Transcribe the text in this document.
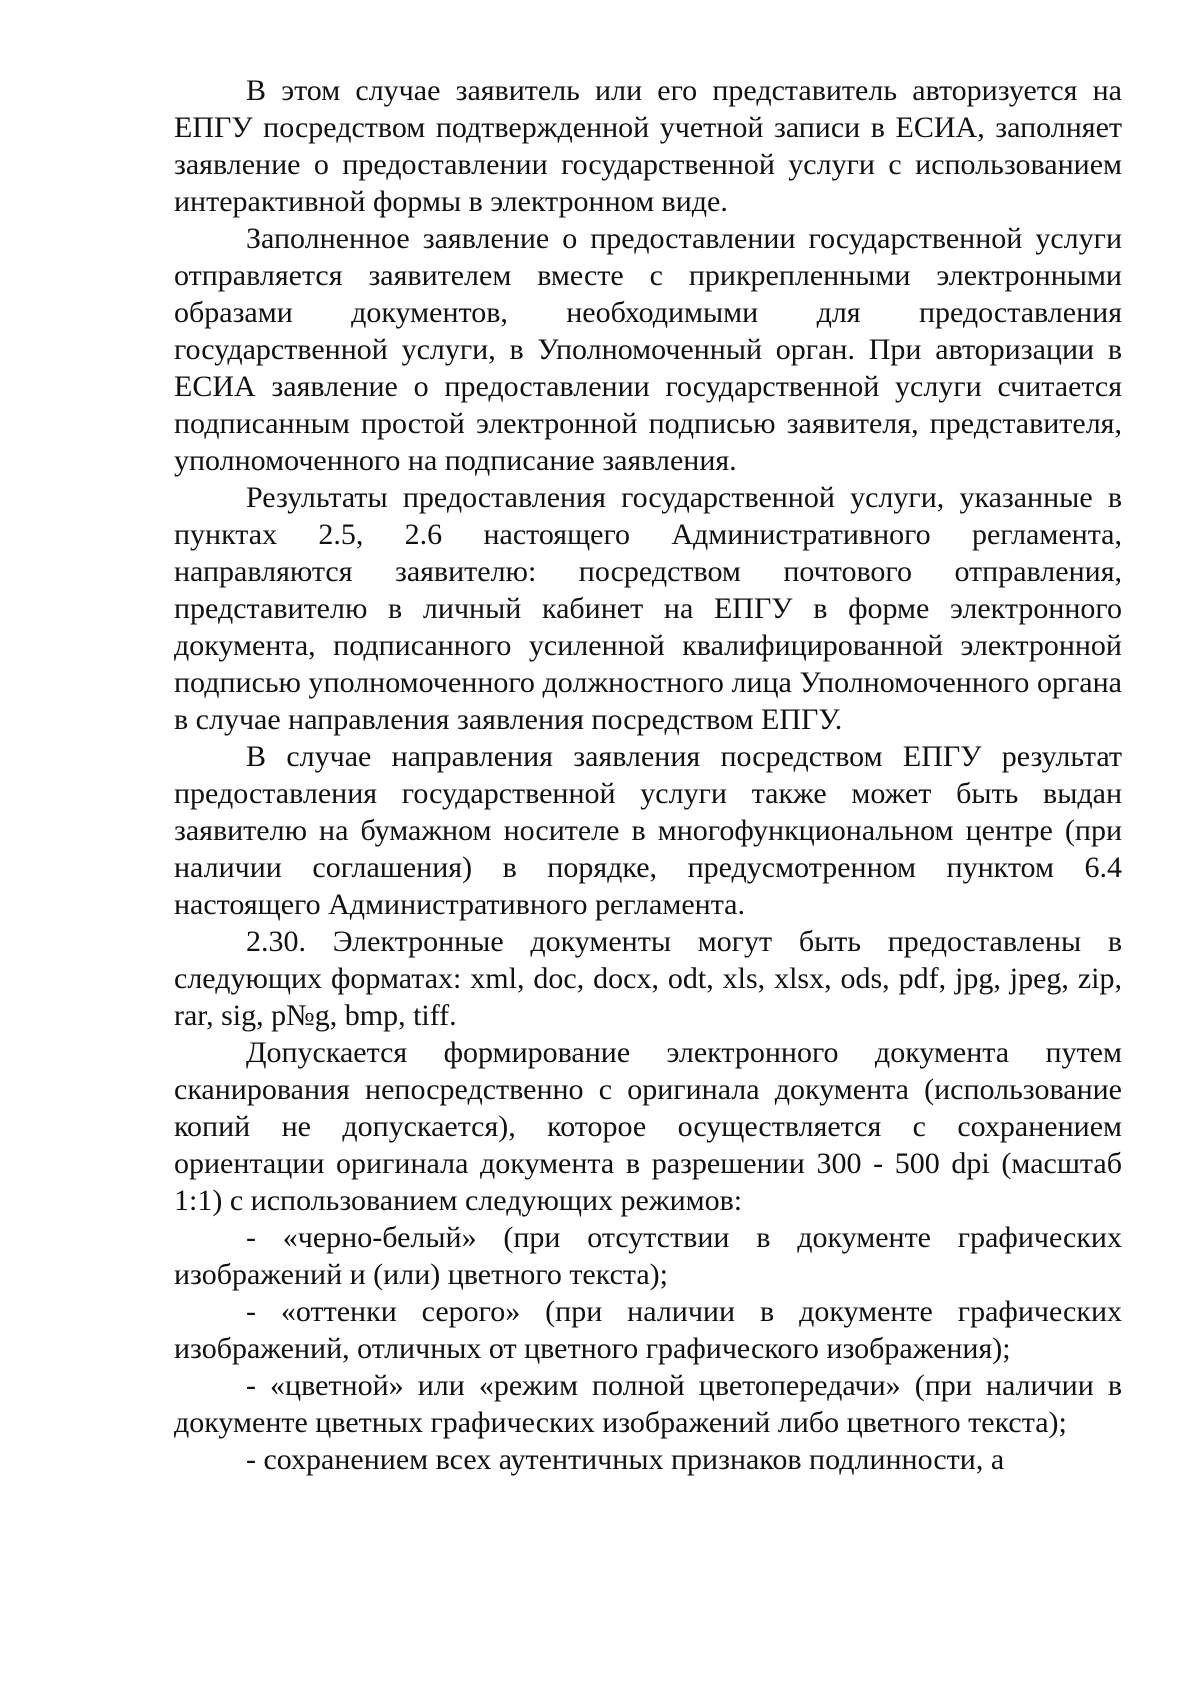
В этом случае заявитель или его представитель авторизуется на ЕПГУ посредством подтвержденной учетной записи в ЕСИА, заполняет заявление о предоставлении государственной услуги с использованием интерактивной формы в электронном виде.

Заполненное заявление о предоставлении государственной услуги отправляется заявителем вместе с прикрепленными электронными образами документов, необходимыми для предоставления государственной услуги, в Уполномоченный орган. При авторизации в ЕСИА заявление о предоставлении государственной услуги считается подписанным простой электронной подписью заявителя, представителя, уполномоченного на подписание заявления.

Результаты предоставления государственной услуги, указанные в пунктах 2.5, 2.6 настоящего Административного регламента, направляются заявителю: посредством почтового отправления, представителю в личный кабинет на ЕПГУ в форме электронного документа, подписанного усиленной квалифицированной электронной подписью уполномоченного должностного лица Уполномоченного органа в случае направления заявления посредством ЕПГУ.

В случае направления заявления посредством ЕПГУ результат предоставления государственной услуги также может быть выдан заявителю на бумажном носителе в многофункциональном центре (при наличии соглашения) в порядке, предусмотренном пунктом 6.4 настоящего Административного регламента.

2.30. Электронные документы могут быть предоставлены в следующих форматах: xml, doc, docx, odt, xls, xlsx, ods, pdf, jpg, jpeg, zip, rar, sig, p№g, bmp, tiff.

Допускается формирование электронного документа путем сканирования непосредственно с оригинала документа (использование копий не допускается), которое осуществляется с сохранением ориентации оригинала документа в разрешении 300 - 500 dpi (масштаб 1:1) с использованием следующих режимов:

- «черно-белый» (при отсутствии в документе графических изображений и (или) цветного текста);

- «оттенки серого» (при наличии в документе графических изображений, отличных от цветного графического изображения);

- «цветной» или «режим полной цветопередачи» (при наличии в документе цветных графических изображений либо цветного текста);

- сохранением всех аутентичных признаков подлинности, а
